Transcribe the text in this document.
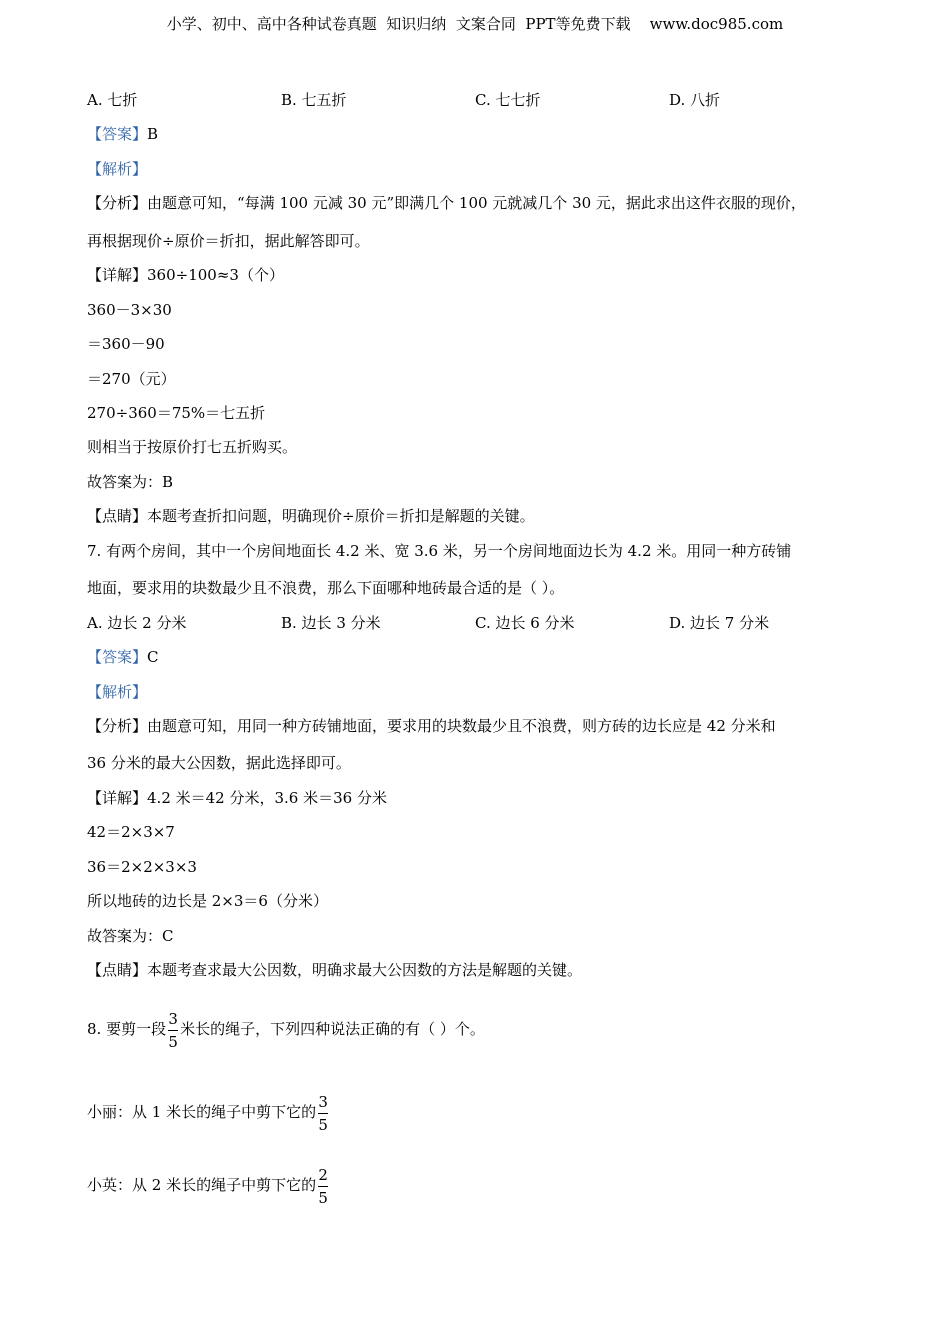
小学、初中、高中各种试卷真题  知识归纳  文案合同  PPT等免费下载    www.doc985.com
A. 七折	B. 七五折	C. 七七折	D. 八折
【答案】B
【解析】
【分析】由题意可知，“每满 100 元减 30 元”即满几个 100 元就减几个 30 元，据此求出这件衣服的现价，
再根据现价÷原价＝折扣，据此解答即可。
【详解】360÷100≈3（个）
360－3×30
＝360－90
＝270（元）
270÷360＝75%＝七五折
则相当于按原价打七五折购买。
故答案为：B
【点睛】本题考查折扣问题，明确现价÷原价＝折扣是解题的关键。
7. 有两个房间，其中一个房间地面长 4.2 米、宽 3.6 米，另一个房间地面边长为 4.2 米。用同一种方砖铺
地面，要求用的块数最少且不浪费，那么下面哪种地砖最合适的是（ ）。
A. 边长 2 分米	B. 边长 3 分米	C. 边长 6 分米	D. 边长 7 分米
【答案】C
【解析】
【分析】由题意可知，用同一种方砖铺地面，要求用的块数最少且不浪费，则方砖的边长应是 42 分米和
36 分米的最大公因数，据此选择即可。
【详解】4.2 米＝42 分米，3.6 米＝36 分米
42＝2×3×7
36＝2×2×3×3
所以地砖的边长是 2×3＝6（分米）
故答案为：C
【点睛】本题考查求最大公因数，明确求最大公因数的方法是解题的关键。
8. 要剪一段 $\frac{3}{5}$ 米长的绳子，下列四种说法正确的有（ ）个。
小丽：从 1 米长的绳子中剪下它的 $\frac{3}{5}$
小英：从 2 米长的绳子中剪下它的 $\frac{2}{5}$
